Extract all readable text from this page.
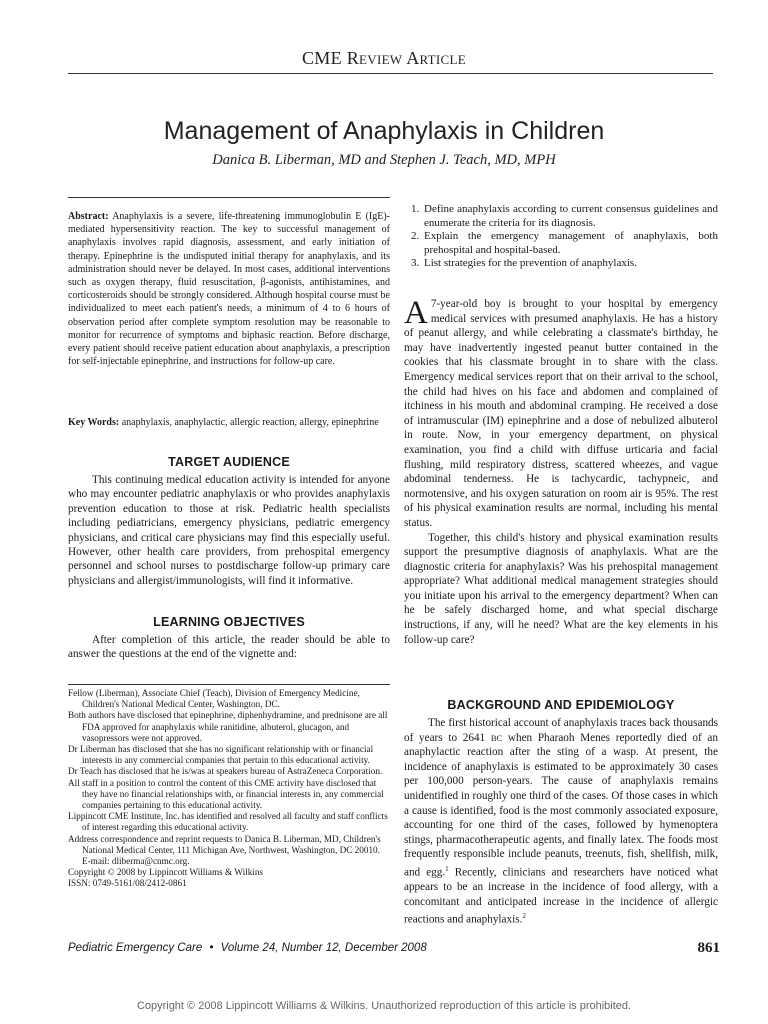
CME Review Article
Management of Anaphylaxis in Children
Danica B. Liberman, MD and Stephen J. Teach, MD, MPH
Abstract: Anaphylaxis is a severe, life-threatening immunoglobulin E (IgE)-mediated hypersensitivity reaction. The key to successful management of anaphylaxis involves rapid diagnosis, assessment, and early initiation of therapy. Epinephrine is the undisputed initial therapy for anaphylaxis, and its administration should never be delayed. In most cases, additional interventions such as oxygen therapy, fluid resuscitation, β-agonists, antihistamines, and corticosteroids should be strongly considered. Although hospital course must be individualized to meet each patient's needs, a minimum of 4 to 6 hours of observation period after complete symptom resolution may be reasonable to monitor for recurrence of symptoms and biphasic reaction. Before discharge, every patient should receive patient education about anaphylaxis, a prescription for self-injectable epinephrine, and instructions for follow-up care.
Key Words: anaphylaxis, anaphylactic, allergic reaction, allergy, epinephrine
TARGET AUDIENCE

This continuing medical education activity is intended for anyone who may encounter pediatric anaphylaxis or who provides anaphylaxis prevention education to those at risk. Pediatric health specialists including pediatricians, emergency physicians, pediatric emergency physicians, and critical care physicians may find this especially useful. However, other health care providers, from prehospital emergency personnel and school nurses to postdischarge follow-up primary care physicians and allergist/immunologists, will find it informative.

LEARNING OBJECTIVES

After completion of this article, the reader should be able to answer the questions at the end of the vignette and:

Fellow (Liberman), Associate Chief (Teach), Division of Emergency Medicine, Children's National Medical Center, Washington, DC.

Both authors have disclosed that epinephrine, diphenhydramine, and prednisone are all FDA approved for anaphylaxis while ranitidine, albuterol, glucagon, and vasopressors were not approved.

Dr Liberman has disclosed that she has no significant relationship with or financial interests in any commercial companies that pertain to this educational activity.

Dr Teach has disclosed that he is/was at speakers bureau of AstraZeneca Corporation.

All staff in a position to control the content of this CME activity have disclosed that they have no financial relationships with, or financial interests in, any commercial companies pertaining to this educational activity.

Lippincott CME Institute, Inc. has identified and resolved all faculty and staff conflicts of interest regarding this educational activity.

Address correspondence and reprint requests to Danica B. Liberman, MD, Children's National Medical Center, 111 Michigan Ave, Northwest, Washington, DC 20010. E-mail: dliberma@cnmc.org.

Copyright © 2008 by Lippincott Williams & Wilkins

ISSN: 0749-5161/08/2412-0861

1. Define anaphylaxis according to current consensus guidelines and enumerate the criteria for its diagnosis.
2. Explain the emergency management of anaphylaxis, both prehospital and hospital-based.
3. List strategies for the prevention of anaphylaxis.
A 7-year-old boy is brought to your hospital by emergency medical services with presumed anaphylaxis. He has a history of peanut allergy, and while celebrating a classmate's birthday, he may have inadvertently ingested peanut butter contained in the cookies that his classmate brought in to share with the class. Emergency medical services report that on their arrival to the school, the child had hives on his face and abdomen and complained of itchiness in his mouth and abdominal cramping. He received a dose of intramuscular (IM) epinephrine and a dose of nebulized albuterol in route. Now, in your emergency department, on physical examination, you find a child with diffuse urticaria and facial flushing, mild respiratory distress, scattered wheezes, and vague abdominal tenderness. He is tachycardic, tachypneic, and normotensive, and his oxygen saturation on room air is 95%. The rest of his physical examination results are normal, including his mental status.

Together, this child's history and physical examination results support the presumptive diagnosis of anaphylaxis. What are the diagnostic criteria for anaphylaxis? Was his prehospital management appropriate? What additional medical management strategies should you initiate upon his arrival to the emergency department? When can he be safely discharged home, and what special discharge instructions, if any, will he need? What are the key elements in his follow-up care?

BACKGROUND AND EPIDEMIOLOGY

The first historical account of anaphylaxis traces back thousands of years to 2641 BC when Pharaoh Menes reportedly died of an anaphylactic reaction after the sting of a wasp. At present, the incidence of anaphylaxis is estimated to be approximately 30 cases per 100,000 person-years. The cause of anaphylaxis remains unidentified in roughly one third of the cases. Of those cases in which a cause is identified, food is the most commonly associated exposure, accounting for one third of the cases, followed by hymenoptera stings, pharmacotherapeutic agents, and finally latex. The foods most frequently responsible include peanuts, treenuts, fish, shellfish, milk, and egg.$^1$ Recently, clinicians and researchers have noticed what appears to be an increase in the incidence of food allergy, with a concomitant and anticipated increase in the incidence of allergic reactions and anaphylaxis.$^2$

Pediatric Emergency Care • Volume 24, Number 12, December 2008	861
Copyright © 2008 Lippincott Williams & Wilkins. Unauthorized reproduction of this article is prohibited.
